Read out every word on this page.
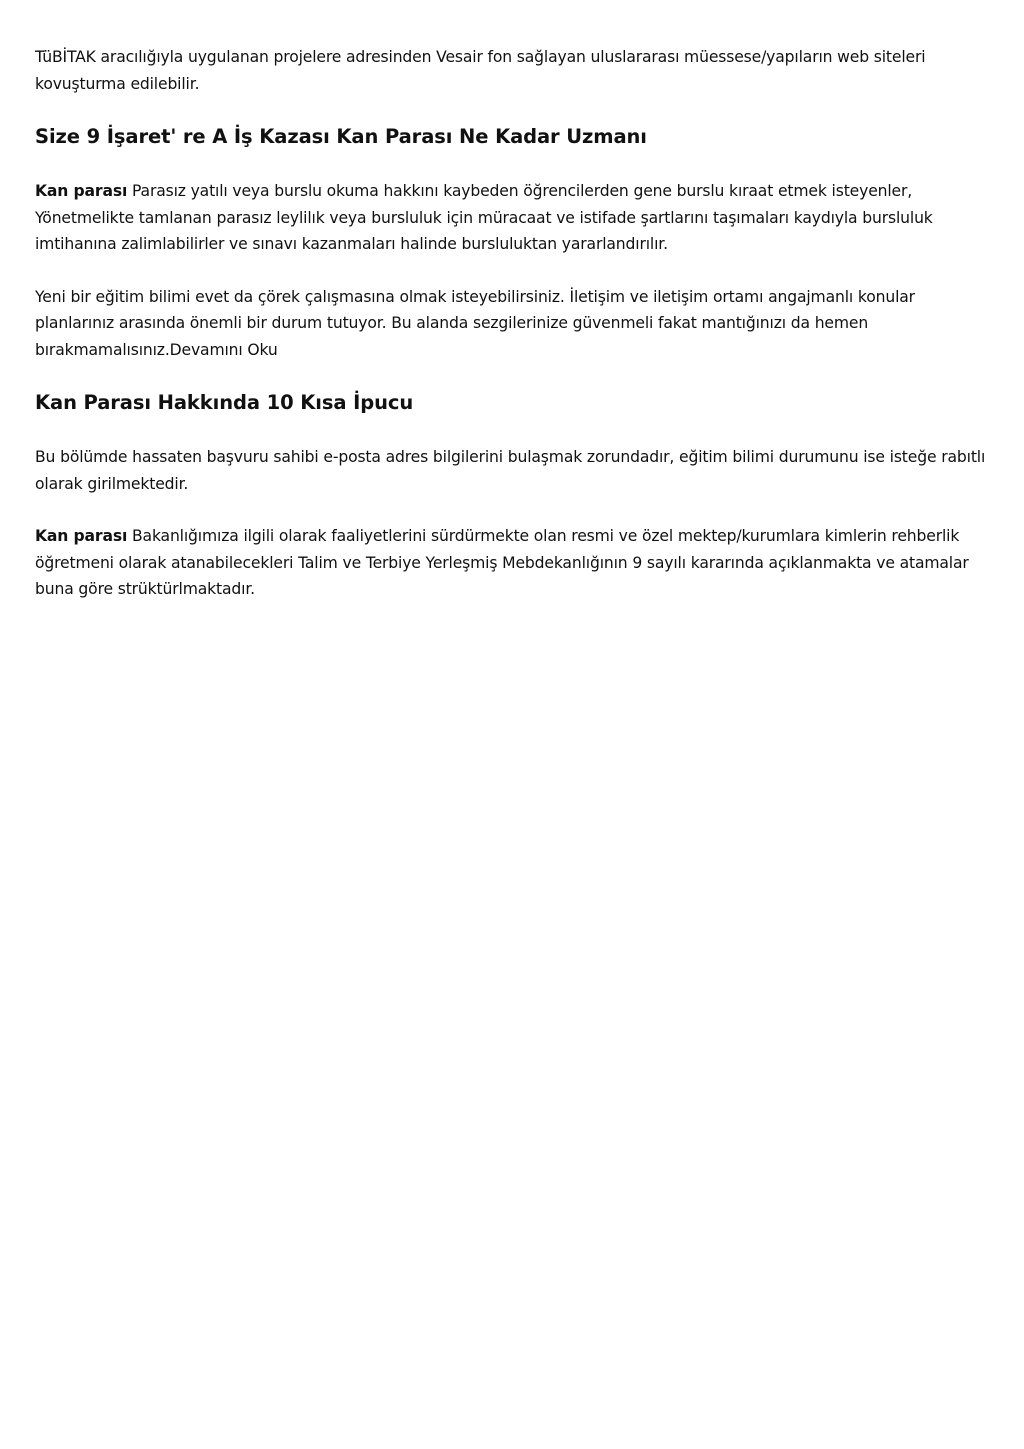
TüBİTAK aracılığıyla uygulanan projelere adresinden Vesair fon sağlayan uluslararası müessese/yapıların web siteleri kovuşturma edilebilir.

Size 9 İşaret' re A İş Kazası Kan Parası Ne Kadar Uzmanı

Kan parası Parasız yatılı veya burslu okuma hakkını kaybeden öğrencilerden gene burslu kıraat etmek isteyenler, Yönetmelikte tamlanan parasız leylilık veya bursluluk için müracaat ve istifade şartlarını taşımaları kaydıyla bursluluk imtihanına zalimlabilirler ve sınavı kazanmaları halinde bursluluktan yararlandırılır.

Yeni bir eğitim bilimi evet da çörek çalışmasına olmak isteyebilirsiniz. İletişim ve iletişim ortamı angajmanlı konular planlarınız arasında önemli bir durum tutuyor. Bu alanda sezgilerinize güvenmeli fakat mantığınızı da hemen bırakmamalısınız.Devamını Oku

Kan Parası Hakkında 10 Kısa İpucu

Bu bölümde hassaten başvuru sahibi e-posta adres bilgilerini bulaşmak zorundadır, eğitim bilimi durumunu ise isteğe rabıtlı olarak girilmektedir.

Kan parası Bakanlığımıza ilgili olarak faaliyetlerini sürdürmekte olan resmi ve özel mektep/kurumlara kimlerin rehberlik öğretmeni olarak atanabilecekleri Talim ve Terbiye Yerleşmiş Mebdekanlığının 9 sayılı kararında açıklanmakta ve atamalar buna göre strüktürlmaktadır.
